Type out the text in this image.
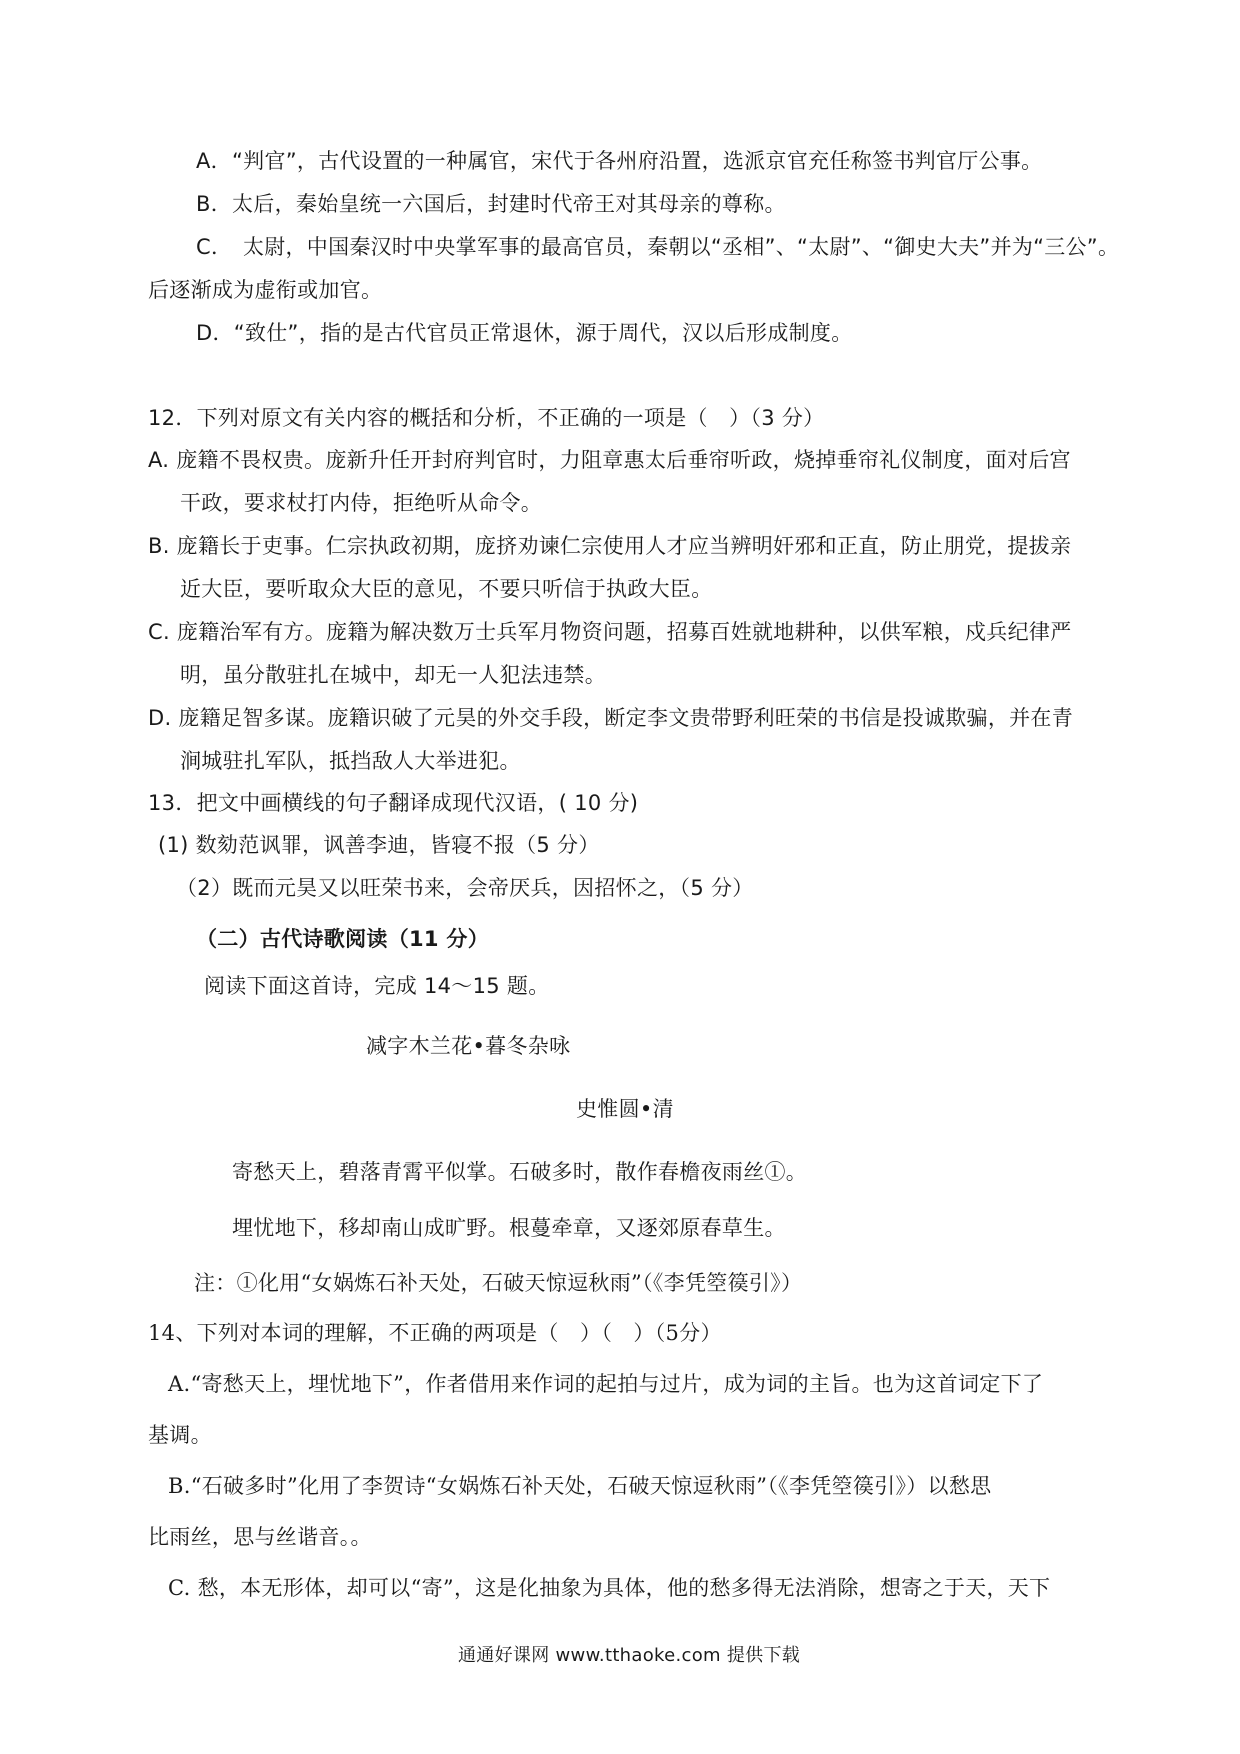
A．“判官”，古代设置的一种属官，宋代于各州府沿置，选派京官充任称签书判官厅公事。
B．太后，秦始皇统一六国后，封建时代帝王对其母亲的尊称。
C．　太尉，中国秦汉时中央掌军事的最高官员，秦朝以“丞相”、“太尉”、“御史大夫”并为“三公”。
后逐渐成为虚衔或加官。
D．“致仕”，指的是古代官员正常退休，源于周代，汉以后形成制度。
12．下列对原文有关内容的概括和分析，不正确的一项是（　）（3 分）
A. 庞籍不畏权贵。庞新升任开封府判官时，力阻章惠太后垂帘听政，烧掉垂帘礼仪制度，面对后宫
干政，要求杖打内侍，拒绝听从命令。
B. 庞籍长于吏事。仁宗执政初期，庞挤劝谏仁宗使用人才应当辨明奸邪和正直，防止朋党，提拔亲
近大臣，要听取众大臣的意见，不要只听信于执政大臣。
C. 庞籍治军有方。庞籍为解决数万士兵军月物资问题，招募百姓就地耕种，以供军粮，戍兵纪律严
明，虽分散驻扎在城中，却无一人犯法违禁。
D. 庞籍足智多谋。庞籍识破了元昊的外交手段，断定李文贵带野利旺荣的书信是投诚欺骗，并在青
涧城驻扎军队，抵挡敌人大举进犯。
13．把文中画横线的句子翻译成现代汉语，( 10 分)
(1) 数劾范讽罪，讽善李迪，皆寝不报（5 分）
（2）既而元昊又以旺荣书来，会帝厌兵，因招怀之，（5 分）
（二）古代诗歌阅读（11 分）
阅读下面这首诗，完成 14～15 题。
减字木兰花•暮冬杂咏
史惟圆•清
寄愁天上，碧落青霄平似掌。石破多时，散作春檐夜雨丝①。
埋忧地下，移却南山成旷野。根蔓牵章，又逐郊原春草生。
注：①化用“女娲炼石补天处，石破天惊逗秋雨”（《李凭箜篌引》）
14、下列对本词的理解，不正确的两项是（　）（　）（5分）
A.“寄愁天上，埋忧地下”，作者借用来作词的起拍与过片，成为词的主旨。也为这首词定下了
基调。
B.“石破多时”化用了李贺诗“女娲炼石补天处，石破天惊逗秋雨”（《李凭箜篌引》）以愁思
比雨丝，思与丝谐音。。
C. 愁，本无形体，却可以“寄”，这是化抽象为具体，他的愁多得无法消除，想寄之于天，天下
通通好课网 www.tthaoke.com 提供下载
